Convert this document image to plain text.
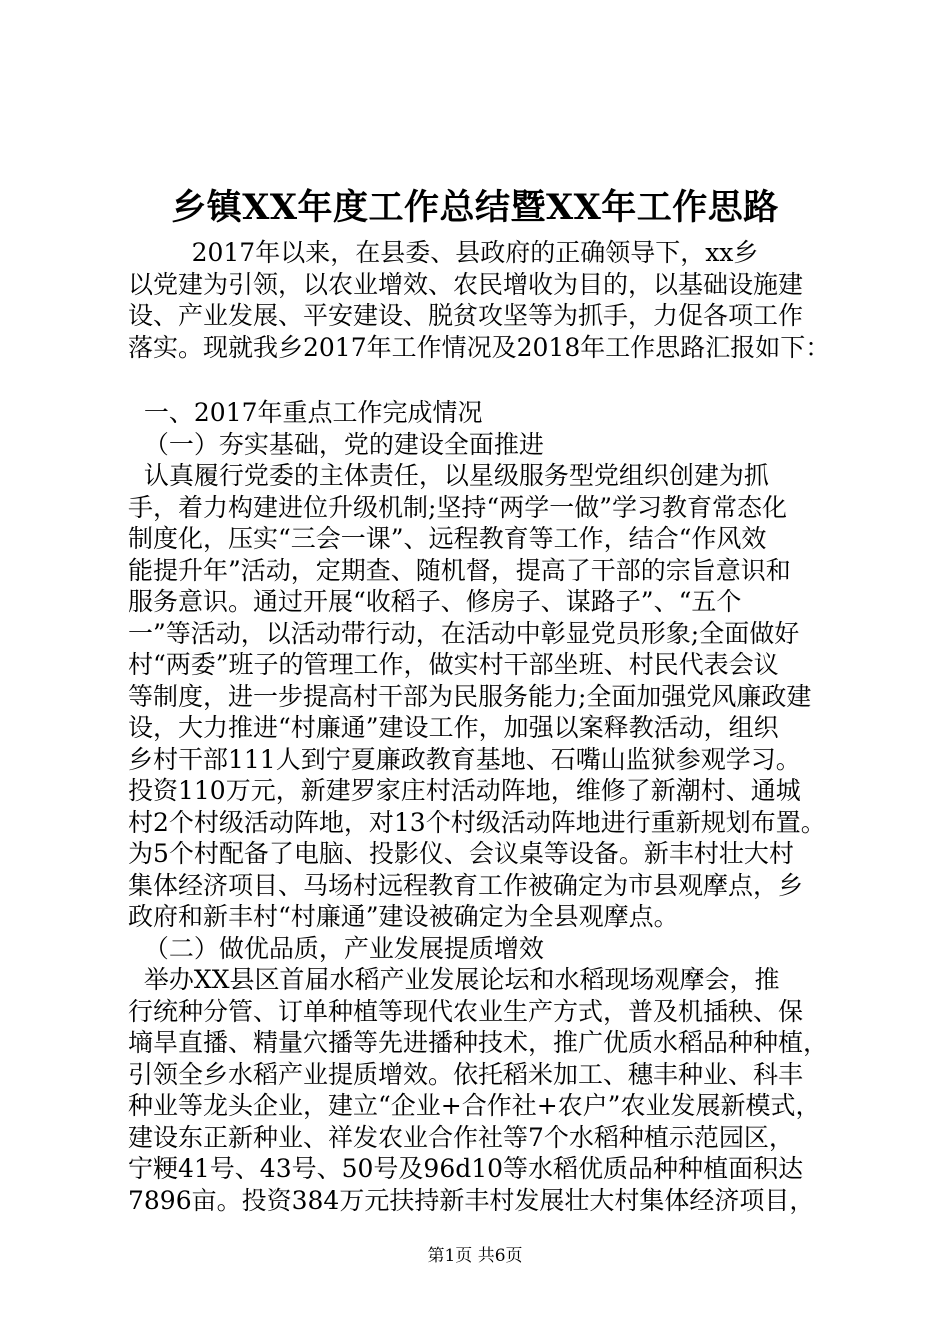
乡镇XX年度工作总结暨XX年工作思路
2017年以来，在县委、县政府的正确领导下，xx乡
以党建为引领，以农业增效、农民增收为目的，以基础设施建
设、产业发展、平安建设、脱贫攻坚等为抓手，力促各项工作
落实。现就我乡2017年工作情况及2018年工作思路汇报如下：
一、2017年重点工作完成情况
（一）夯实基础，党的建设全面推进
认真履行党委的主体责任，以星级服务型党组织创建为抓
手，着力构建进位升级机制;坚持“两学一做”学习教育常态化
制度化，压实“三会一课”、远程教育等工作，结合“作风效
能提升年”活动，定期查、随机督，提高了干部的宗旨意识和
服务意识。通过开展“收稻子、修房子、谋路子”、“五个
一”等活动，以活动带行动，在活动中彰显党员形象;全面做好
村“两委”班子的管理工作，做实村干部坐班、村民代表会议
等制度，进一步提高村干部为民服务能力;全面加强党风廉政建
设，大力推进“村廉通”建设工作，加强以案释教活动，组织
乡村干部111人到宁夏廉政教育基地、石嘴山监狱参观学习。
投资110万元，新建罗家庄村活动阵地，维修了新潮村、通城
村2个村级活动阵地，对13个村级活动阵地进行重新规划布置。
为5个村配备了电脑、投影仪、会议桌等设备。新丰村壮大村
集体经济项目、马场村远程教育工作被确定为市县观摩点，乡
政府和新丰村“村廉通”建设被确定为全县观摩点。
（二）做优品质，产业发展提质增效
举办XX县区首届水稻产业发展论坛和水稻现场观摩会，推
行统种分管、订单种植等现代农业生产方式，普及机插秧、保
墒旱直播、精量穴播等先进播种技术，推广优质水稻品种种植，
引领全乡水稻产业提质增效。依托稻米加工、穗丰种业、科丰
种业等龙头企业，建立“企业+合作社+农户”农业发展新模式，
建设东正新种业、祥发农业合作社等7个水稻种植示范园区，
宁粳41号、43号、50号及96d10等水稻优质品种种植面积达
7896亩。投资384万元扶持新丰村发展壮大村集体经济项目，
第1页 共6页
